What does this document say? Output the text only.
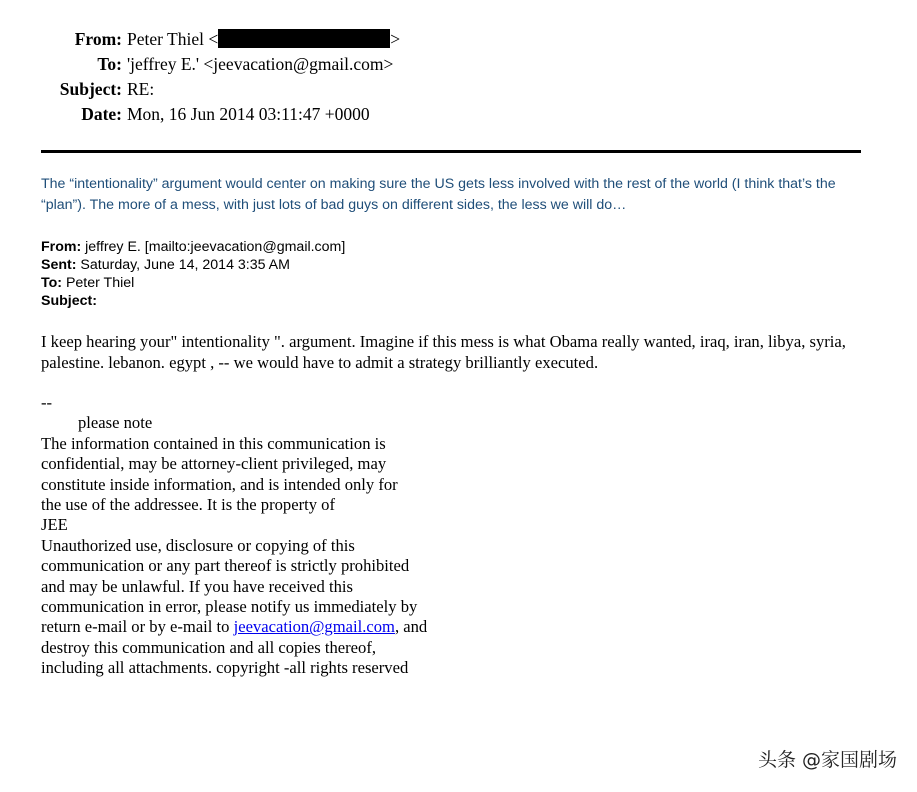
From: Peter Thiel <	>
To: 'jeffrey E.' <jeevacation@gmail.com>
Subject: RE:
Date: Mon, 16 Jun 2014 03:11:47 +0000
The “intentionality” argument would center on making sure the US gets less involved with the rest of the world (I think that’s the “plan”). The more of a mess, with just lots of bad guys on different sides, the less we will do…
From: jeffrey E. [mailto:jeevacation@gmail.com]
Sent: Saturday, June 14, 2014 3:35 AM
To: Peter Thiel
Subject:
I keep hearing your" intentionality ". argument. Imagine if this mess is what Obama really wanted, iraq, iran, libya, syria, palestine. lebanon. egypt , -- we would have to admit a strategy brilliantly executed.
--
please note
The information contained in this communication is
confidential, may be attorney-client privileged, may
constitute inside information, and is intended only for
the use of the addressee. It is the property of
JEE
Unauthorized use, disclosure or copying of this
communication or any part thereof is strictly prohibited
and may be unlawful. If you have received this
communication in error, please notify us immediately by
return e-mail or by e-mail to jeevacation@gmail.com, and
destroy this communication and all copies thereof,
including all attachments. copyright -all rights reserved
头条 @家国剧场
